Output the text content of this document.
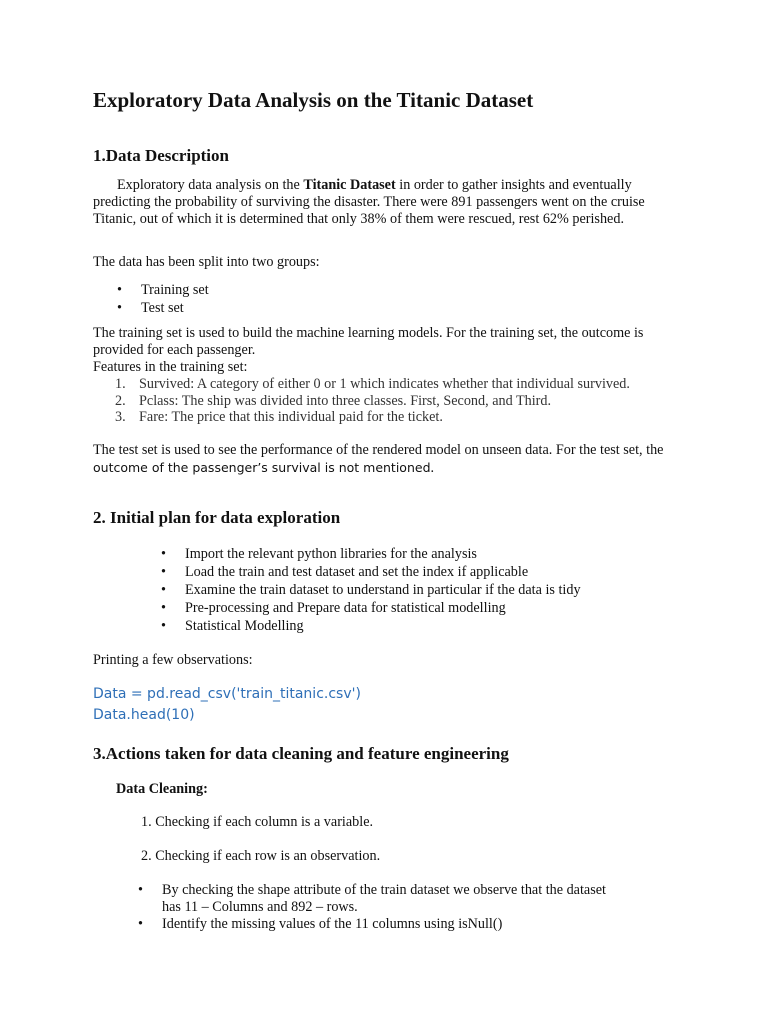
Exploratory Data Analysis on the Titanic Dataset
1.Data Description

Exploratory data analysis on the Titanic Dataset in order to gather insights and eventually predicting the probability of surviving the disaster. There were 891 passengers went on the cruise Titanic, out of which it is determined that only 38% of them were rescued, rest 62% perished.

The data has been split into two groups:

• Training set
• Test set

The training set is used to build the machine learning models. For the training set, the outcome is provided for each passenger.

Features in the training set:

1. Survived: A category of either 0 or 1 which indicates whether that individual survived.
2. Pclass: The ship was divided into three classes. First, Second, and Third.
3. Fare: The price that this individual paid for the ticket.

The test set is used to see the performance of the rendered model on unseen data. For the test set, the outcome of the passenger’s survival is not mentioned.

2. Initial plan for data exploration
• Import the relevant python libraries for the analysis
• Load the train and test dataset and set the index if applicable
• Examine the train dataset to understand in particular if the data is tidy
• Pre-processing and Prepare data for statistical modelling
• Statistical Modelling

Printing a few observations:

Data = pd.read_csv('train_titanic.csv')
Data.head(10)
3.Actions taken for data cleaning and feature engineering

Data Cleaning:

1. Checking if each column is a variable.

2. Checking if each row is an observation.

• By checking the shape attribute of the train dataset we observe that the dataset has 11 – Columns and 892 – rows.
• Identify the missing values of the 11 columns using isNull()
